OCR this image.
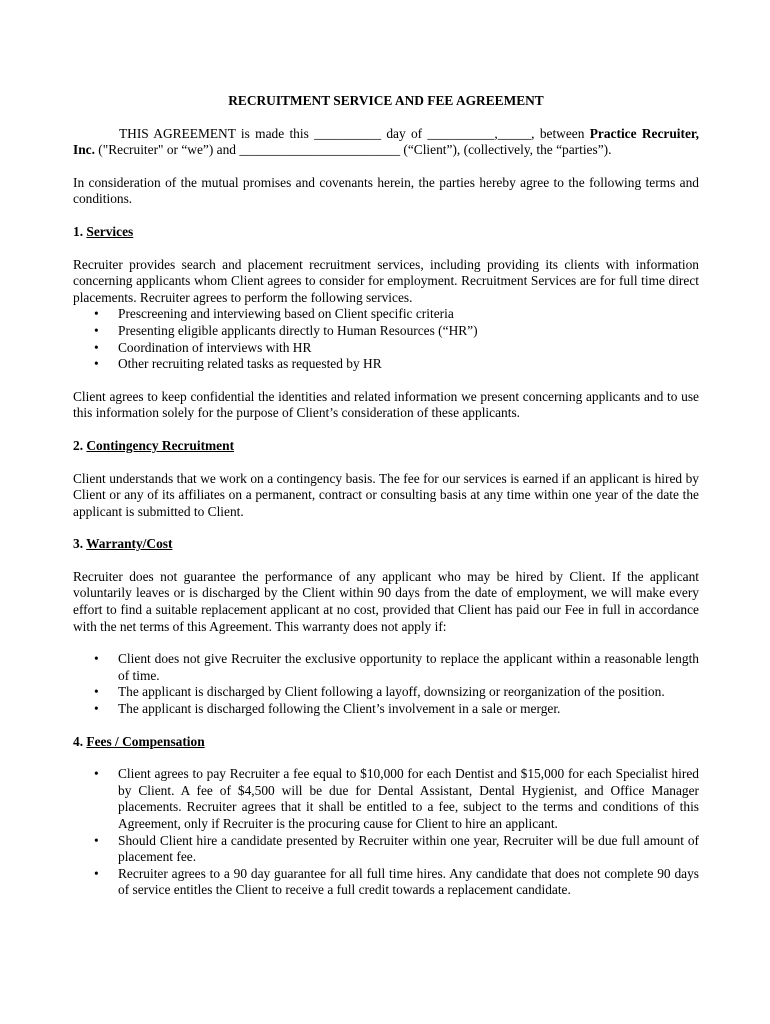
RECRUITMENT SERVICE AND FEE AGREEMENT

THIS AGREEMENT is made this __________ day of __________,_____, between Practice Recruiter, Inc. ("Recruiter" or “we”) and ________________________ (“Client”), (collectively, the “parties”).

In consideration of the mutual promises and covenants herein, the parties hereby agree to the following terms and conditions.

1. Services

Recruiter provides search and placement recruitment services, including providing its clients with information concerning applicants whom Client agrees to consider for employment. Recruitment Services are for full time direct placements. Recruiter agrees to perform the following services.

• Prescreening and interviewing based on Client specific criteria
• Presenting eligible applicants directly to Human Resources (“HR”)
• Coordination of interviews with HR
• Other recruiting related tasks as requested by HR

Client agrees to keep confidential the identities and related information we present concerning applicants and to use this information solely for the purpose of Client’s consideration of these applicants.

2. Contingency Recruitment

Client understands that we work on a contingency basis. The fee for our services is earned if an applicant is hired by Client or any of its affiliates on a permanent, contract or consulting basis at any time within one year of the date the applicant is submitted to Client.

3. Warranty/Cost

Recruiter does not guarantee the performance of any applicant who may be hired by Client. If the applicant voluntarily leaves or is discharged by the Client within 90 days from the date of employment, we will make every effort to find a suitable replacement applicant at no cost, provided that Client has paid our Fee in full in accordance with the net terms of this Agreement. This warranty does not apply if:

• Client does not give Recruiter the exclusive opportunity to replace the applicant within a reasonable length of time.
• The applicant is discharged by Client following a layoff, downsizing or reorganization of the position.
• The applicant is discharged following the Client’s involvement in a sale or merger.
4. Fees / Compensation
• Client agrees to pay Recruiter a fee equal to $10,000 for each Dentist and $15,000 for each Specialist hired by Client. A fee of $4,500 will be due for Dental Assistant, Dental Hygienist, and Office Manager placements. Recruiter agrees that it shall be entitled to a fee, subject to the terms and conditions of this Agreement, only if Recruiter is the procuring cause for Client to hire an applicant.
• Should Client hire a candidate presented by Recruiter within one year, Recruiter will be due full amount of placement fee.
• Recruiter agrees to a 90 day guarantee for all full time hires. Any candidate that does not complete 90 days of service entitles the Client to receive a full credit towards a replacement candidate.
